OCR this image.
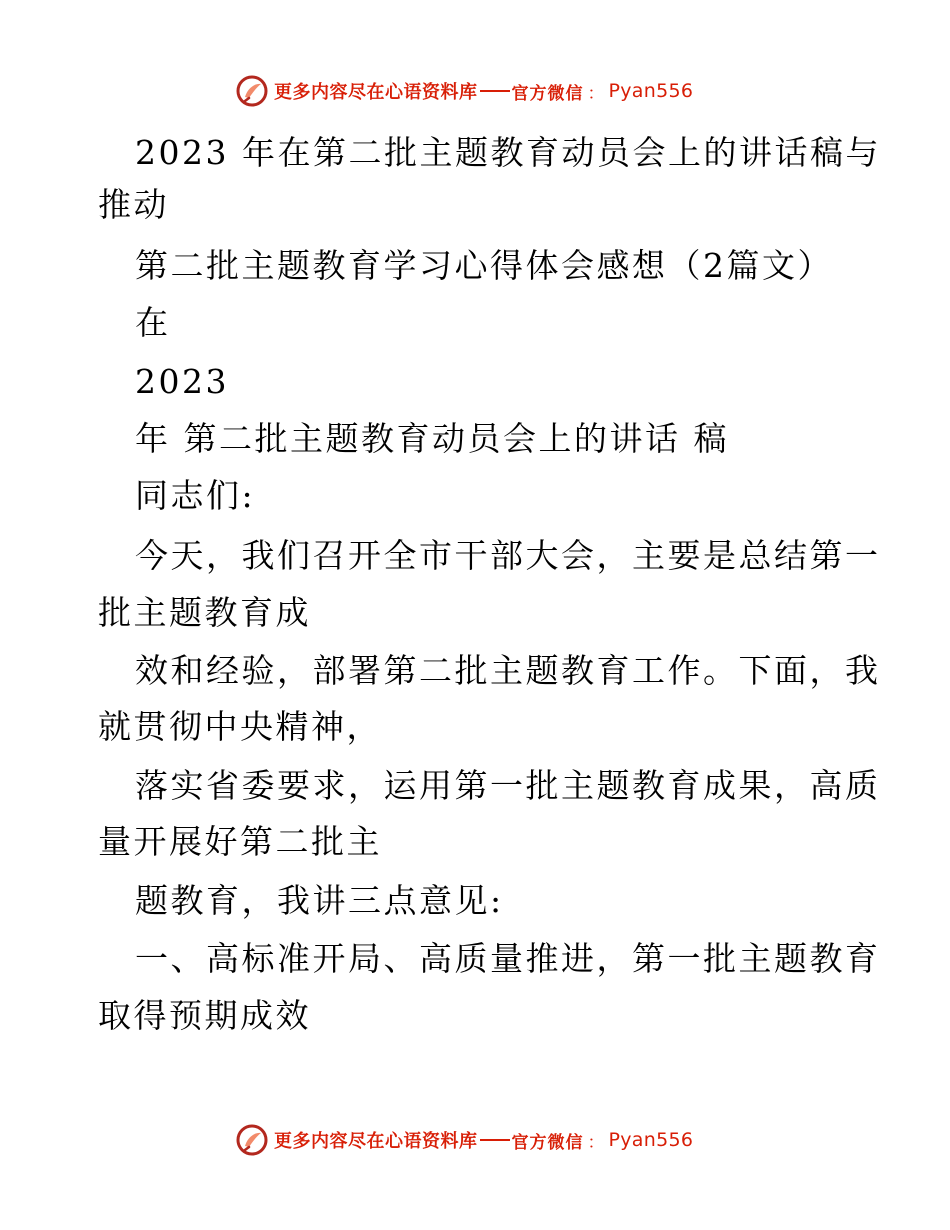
更多内容尽在心语资料库 官方微信 ： Pyan556
2023 年在第二批主题教育动员会上的讲话稿与
推动
第二批主题教育学习心得体会感想（2篇文）
在
2023
年 第二批主题教育动员会上的讲话 稿
同志们:
今天，我们召开全市干部大会，主要是总结第一
批主题教育成
效和经验，部署第二批主题教育工作。下面，我
就贯彻中央精神，
落实省委要求，运用第一批主题教育成果，高质
量开展好第二批主
题教育，我讲三点意见:
一、高标准开局、高质量推进，第一批主题教育
取得预期成效
更多内容尽在心语资料库 官方微信 ： Pyan556
